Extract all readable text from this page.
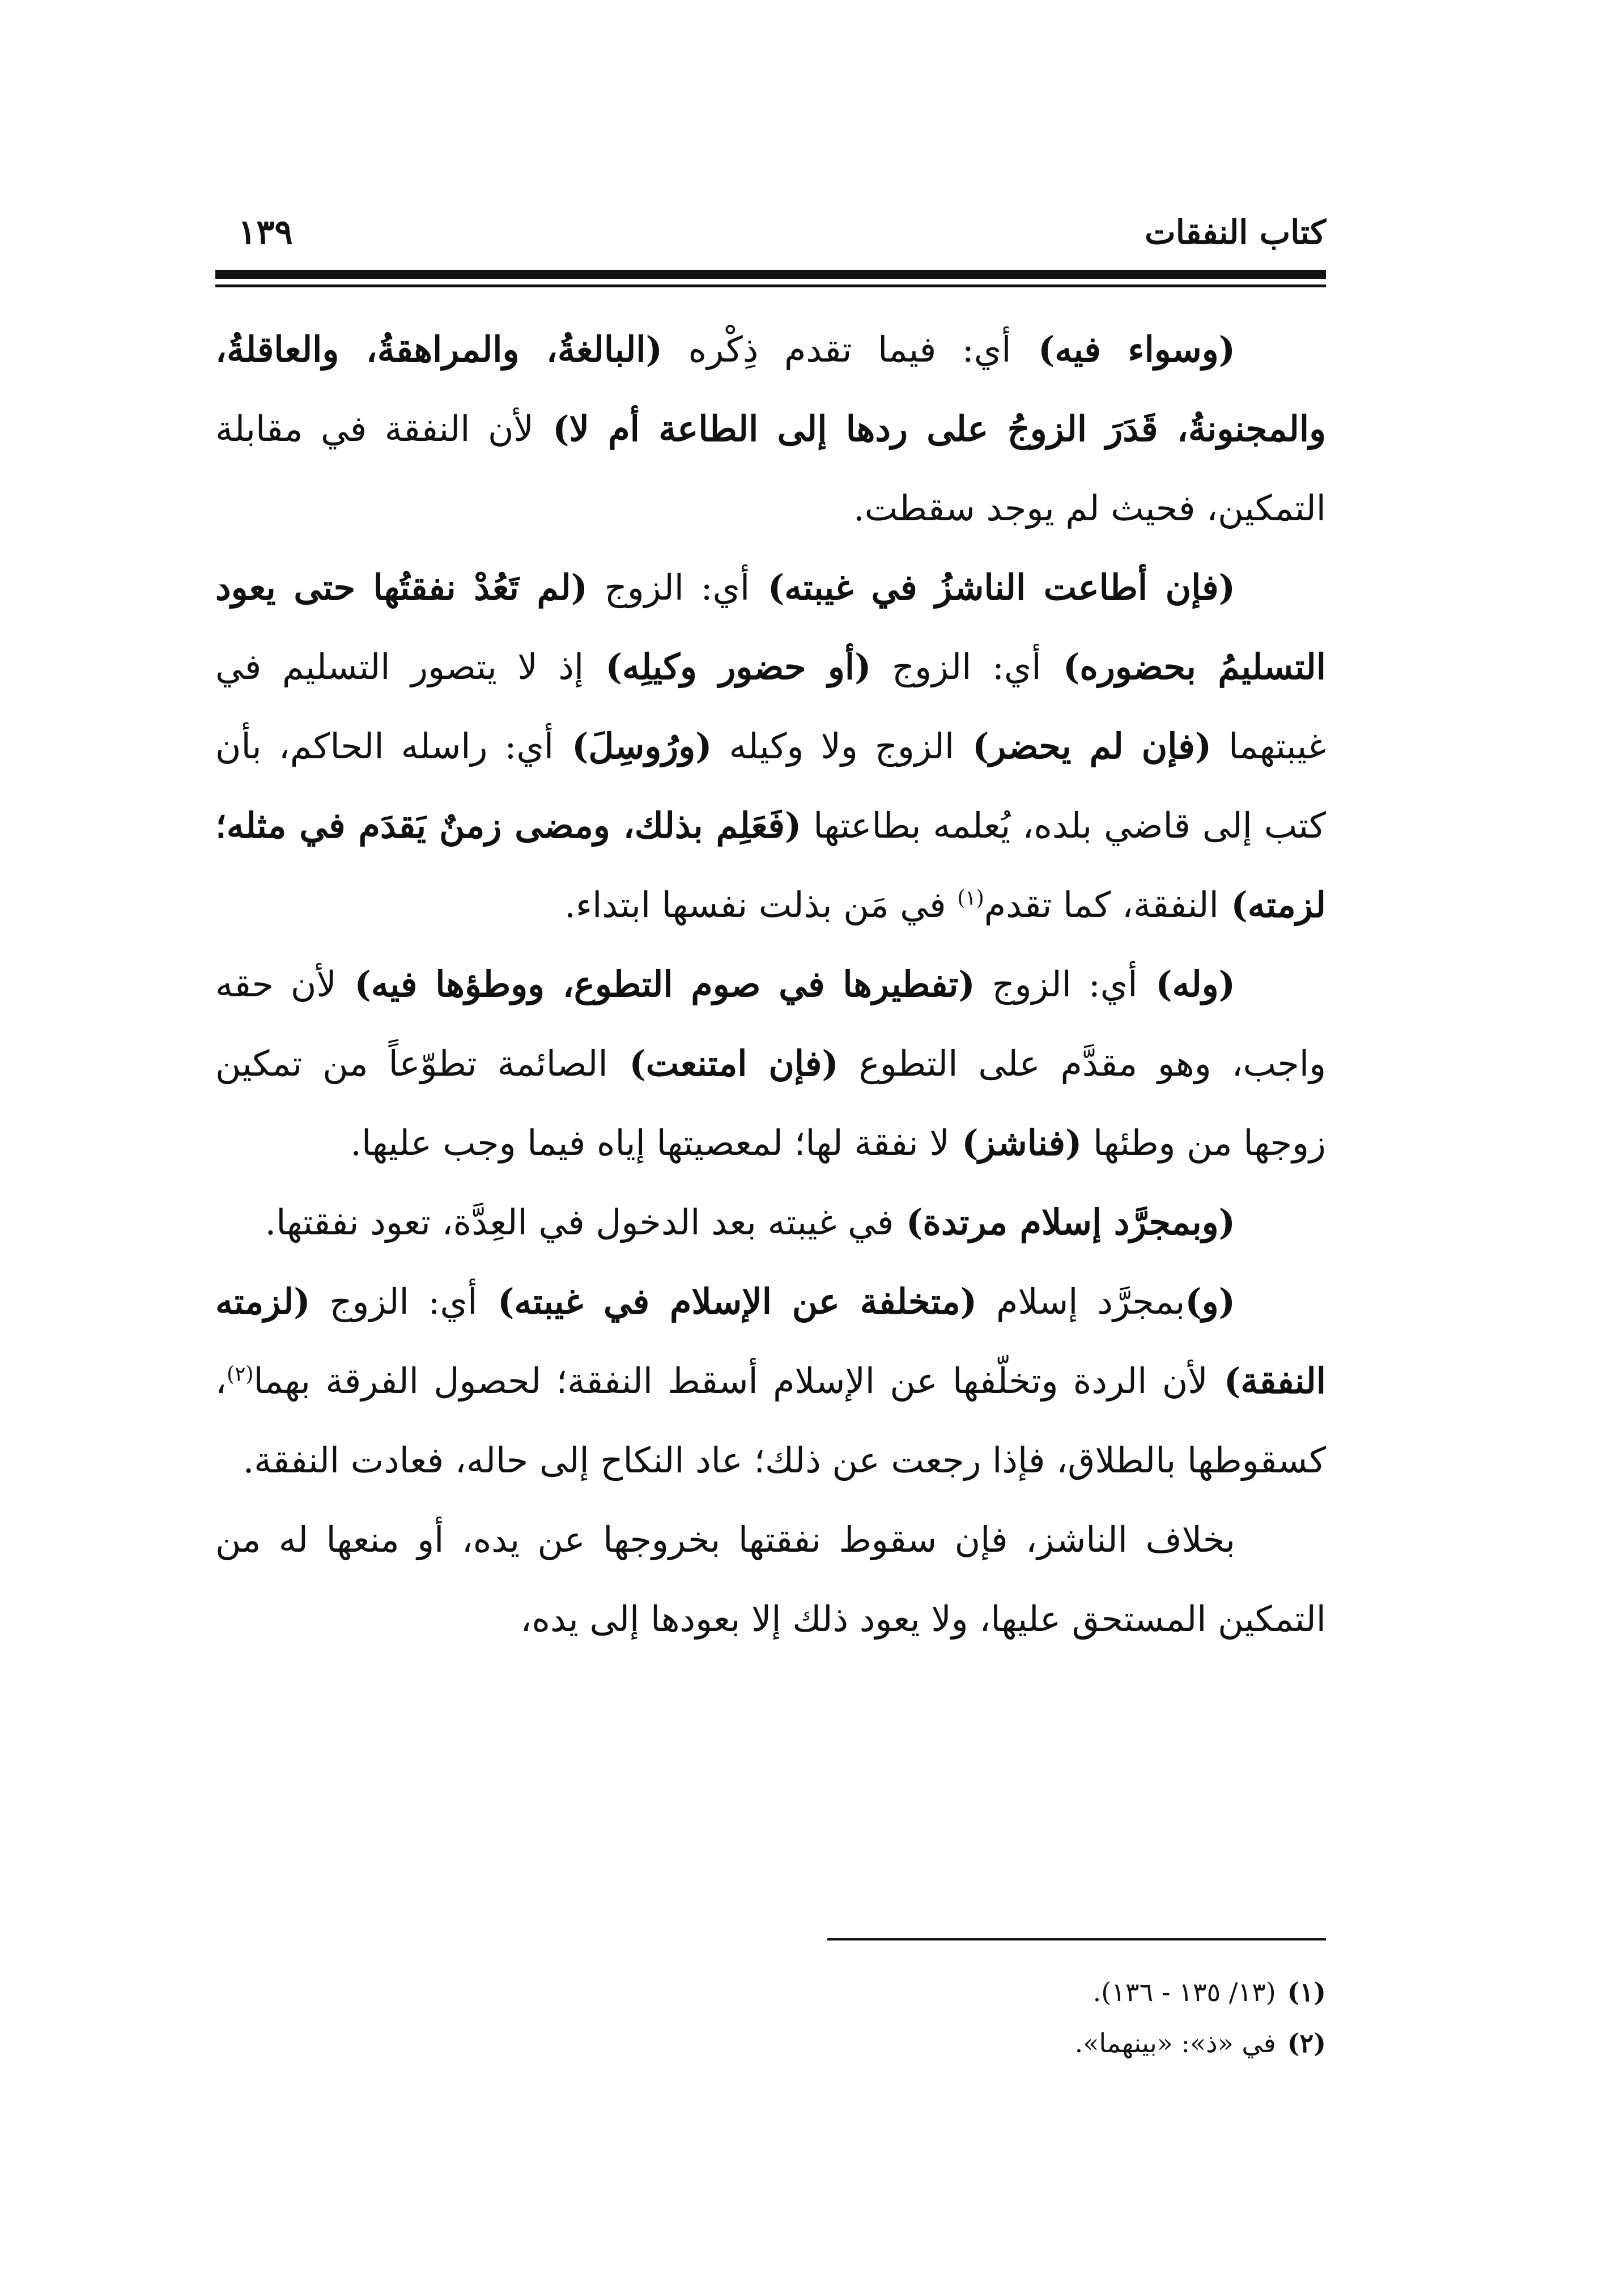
كتاب النفقات
١٣٩

(وسواء فيه) أي: فيما تقدم ذِكْره (البالغةُ، والمراهقةُ، والعاقلةُ، والمجنونةُ، قَدَرَ الزوجُ على ردها إلى الطاعة أم لا) لأن النفقة في مقابلة التمكين، فحيث لم يوجد سقطت.

(فإن أطاعت الناشزُ في غيبته) أي: الزوج (لم تَعُدْ نفقتُها حتى يعود التسليمُ بحضوره) أي: الزوج (أو حضور وكيلِه) إذ لا يتصور التسليم في غيبتهما (فإن لم يحضر) الزوج ولا وكيله (ورُوسِلَ) أي: راسله الحاكم، بأن كتب إلى قاضي بلده، يُعلمه بطاعتها (فَعَلِم بذلك، ومضى زمنٌ يَقدَم في مثله؛ لزمته) النفقة، كما تقدم$^{(١)}$ في مَن بذلت نفسها ابتداء.

(وله) أي: الزوج (تفطيرها في صوم التطوع، ووطؤها فيه) لأن حقه واجب، وهو مقدَّم على التطوع (فإن امتنعت) الصائمة تطوّعاً من تمكين زوجها من وطئها (فناشز) لا نفقة لها؛ لمعصيتها إياه فيما وجب عليها.

(وبمجرَّد إسلام مرتدة) في غيبته بعد الدخول في العِدَّة، تعود نفقتها.

(و)بمجرَّد إسلام (متخلفة عن الإسلام في غيبته) أي: الزوج (لزمته النفقة) لأن الردة وتخلّفها عن الإسلام أسقط النفقة؛ لحصول الفرقة بهما$^{(٢)}$، كسقوطها بالطلاق، فإذا رجعت عن ذلك؛ عاد النكاح إلى حاله، فعادت النفقة.

بخلاف الناشز، فإن سقوط نفقتها بخروجها عن يده، أو منعها له من التمكين المستحق عليها، ولا يعود ذلك إلا بعودها إلى يده،

(١)(١٣/ ١٣٥ - ١٣٦).
(٢)في «ذ»: «بينهما».
